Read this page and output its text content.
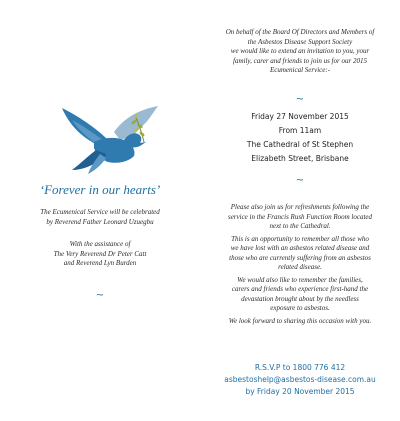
‘Forever in our hearts’

The Ecumenical Service will be celebrated
by Reverend Father Leonard Uzuegbu
With the assistance of
The Very Reverend Dr Peter Catt
and Reverend Lyn Burden

~

On behalf of the Board Of Directors and Members of
the Asbestos Disease Support Society
we would like to extend an invitation to you, your
family, carer and friends to join us for our 2015
Ecumenical Service:-

~

Friday 27 November 2015
From 11am
The Cathedral of St Stephen
Elizabeth Street, Brisbane

~

Please also join us for refreshments following the
service in the Francis Rush Function Room located
next to the Cathedral.
This is an opportunity to remember all those who
we have lost with an asbestos related disease and
those who are currently suffering from an asbestos
related disease.
We would also like to remember the families,
carers and friends who experience first-hand the
devastation brought about by the needless
exposure to asbestos.
We look forward to sharing this occasion with you.
R.S.V.P to 1800 776 412
asbestoshelp@asbestos-disease.com.au
by Friday 20 November 2015
